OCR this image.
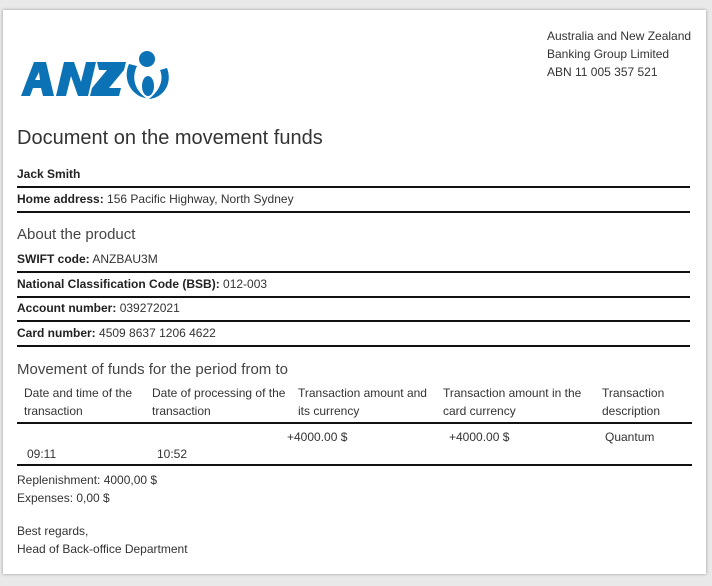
Australia and New Zealand
Banking Group Limited
ABN 11 005 357 521
Document on the movement funds
Jack Smith
Home address: 156 Pacific Highway, North Sydney
About the product
SWIFT code: ANZBAU3M
National Classification Code (BSB): 012-003
Account number: 039272021
Card number: 4509 8637 1206 4622
Movement of funds for the period from to
Date and time of the transaction	Date of processing of the transaction	Transaction amount and its currency	Transaction amount in the card currency	Transaction description

09:11	10:52	+4000.00 $	+4000.00 $	Quantum
Replenishment: 4000,00 $
Expenses: 0,00 $
Best regards,
Head of Back-office Department
